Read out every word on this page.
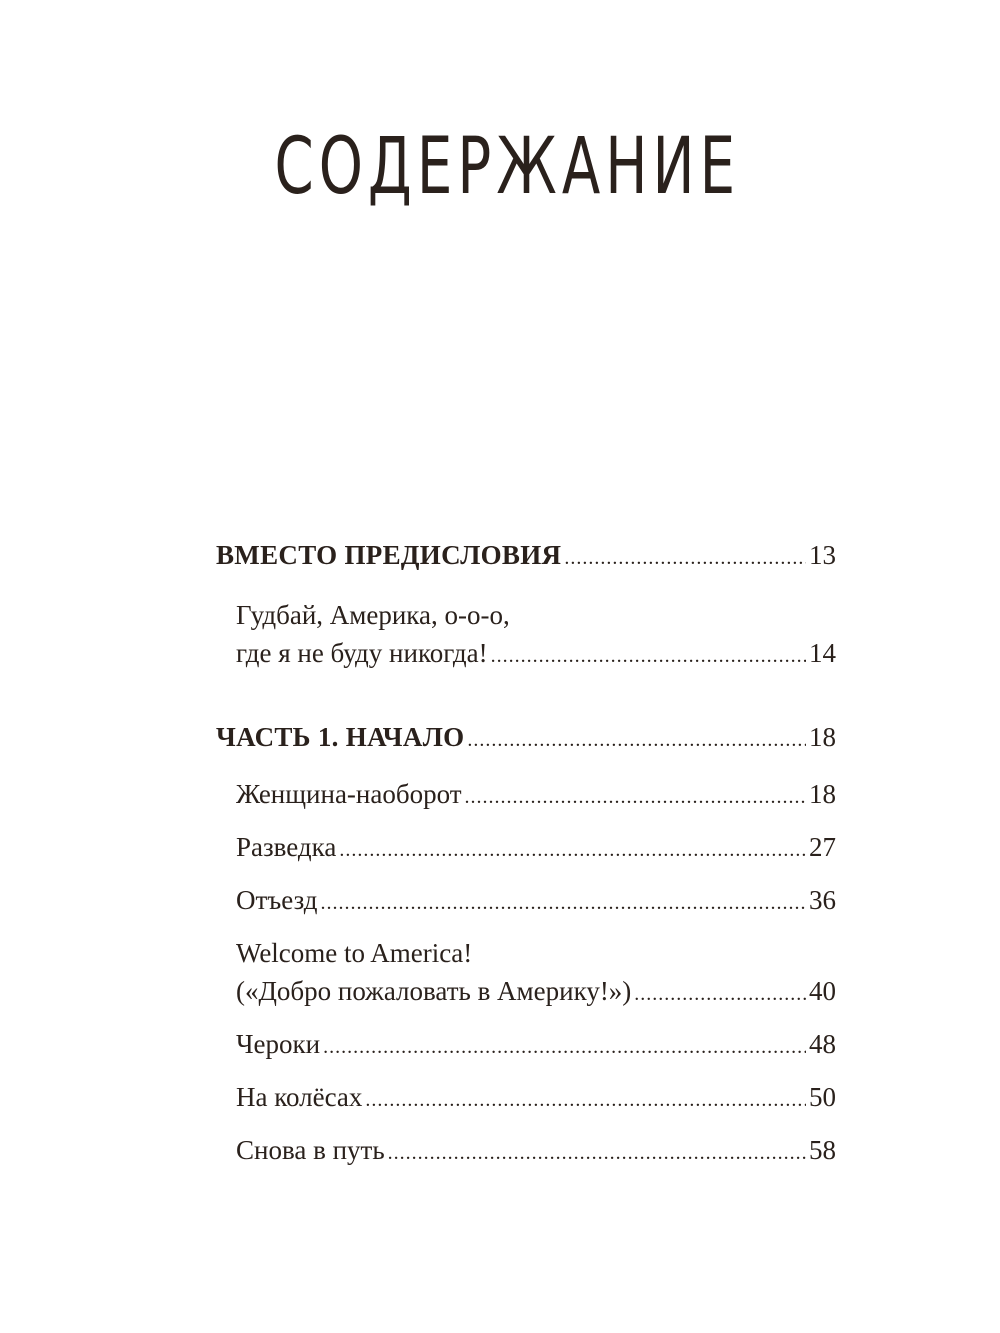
СОДЕРЖАНИЕ
ВМЕСТО ПРЕДИСЛОВИЯ . . .	13
Гудбай, Америка, о-о-о,
где я не буду никогда! . . .	14
ЧАСТЬ 1. НАЧАЛО . . .	18
Женщина-наоборот . . .	18
Разведка . . .	27
Отъезд . . .	36
Welcome to America!
(«Добро пожаловать в Америку!») . . .	40
Чероки . . .	48
На колёсах . . .	50
Снова в путь . . .	58
